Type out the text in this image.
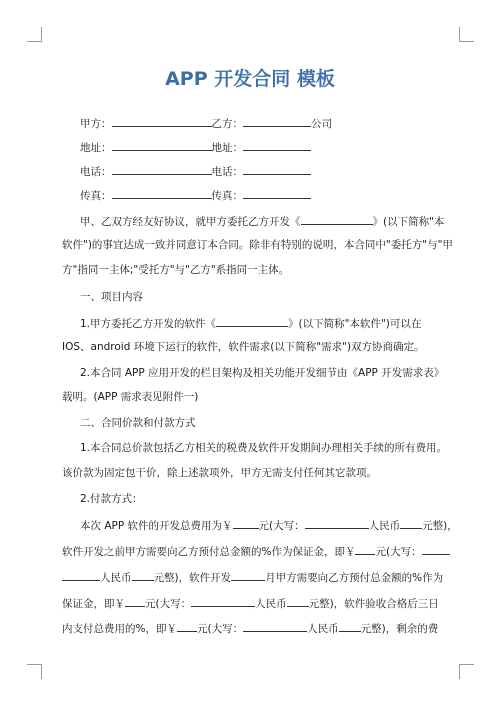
APP 开发合同 模板
甲方：	乙方：	公司
地址：	地址：
电话：	电话：
传真：	传真：
甲、乙双方经友好协议，就甲方委托乙方开发《	》(以下简称"本
软件")的事宜达成一致并同意订本合同。除非有特别的说明，本合同中"委托方"与"甲
方"指同一主体;"受托方"与"乙方"系指同一主体。
一、项目内容
1.甲方委托乙方开发的软件《	》(以下简称"本软件")可以在
IOS、android 环境下运行的软件，软件需求(以下简称"需求")双方协商确定。
2.本合同 APP 应用开发的栏目架构及相关功能开发细节由《APP 开发需求表》
载明。(APP 需求表见附件一)
二、合同价款和付款方式
1.本合同总价款包括乙方相关的税费及软件开发期间办理相关手续的所有费用。
该价款为固定包干价，除上述款项外，甲方无需支付任何其它款项。
2.付款方式：
本次 APP 软件的开发总费用为￥ 元(大写：	人民币 元整)，
软件开发之前甲方需要向乙方预付总金额的%作为保证金，即￥ 元(大写：
人民币 元整)，软件开发	月甲方需要向乙方预付总金额的%作为
保证金，即￥ 元(大写：	人民币 元整)，软件验收合格后三日
内支付总费用的%，即￥ 元(大写：	人民币 元整)，剩余的费
